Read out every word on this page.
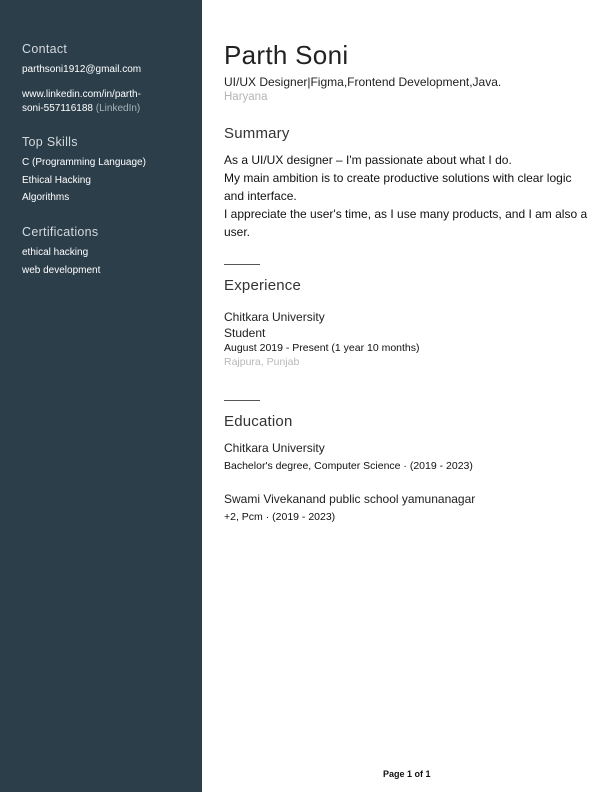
Contact
parthsoni1912@gmail.com
www.linkedin.com/in/parth-
soni-557116188 (LinkedIn)
Top Skills
C (Programming Language)
Ethical Hacking
Algorithms
Certifications
ethical hacking
web development
Parth Soni
UI/UX Designer|Figma,Frontend Development,Java.
Haryana
Summary
As a UI/UX designer – I'm passionate about what I do.
My main ambition is to create productive solutions with clear logic and interface.
I appreciate the user's time, as I use many products, and I am also a user.
Experience
Chitkara University
Student
August 2019 - Present (1 year 10 months)
Rajpura, Punjab
Education
Chitkara University
Bachelor's degree, Computer Science · (2019 - 2023)
Swami Vivekanand public school yamunanagar
+2, Pcm · (2019 - 2023)
Page 1 of 1
